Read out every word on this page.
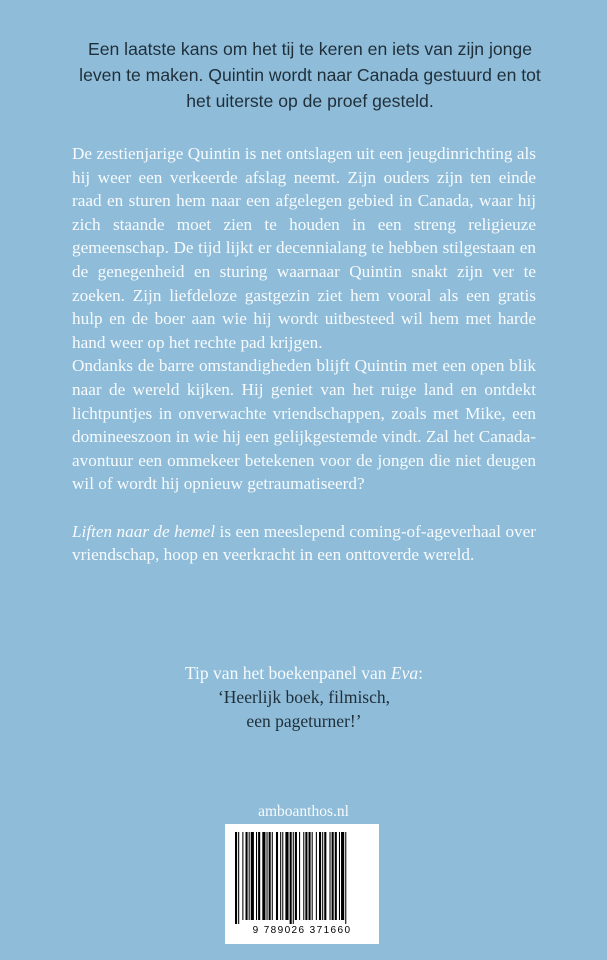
Een laatste kans om het tij te keren en iets van zijn jonge leven te maken. Quintin wordt naar Canada gestuurd en tot het uiterste op de proef gesteld.

De zestienjarige Quintin is net ontslagen uit een jeugdinrichting als hij weer een verkeerde afslag neemt. Zijn ouders zijn ten einde raad en sturen hem naar een afgelegen gebied in Canada, waar hij zich staande moet zien te houden in een streng religieuze gemeenschap. De tijd lijkt er decennialang te hebben stilgestaan en de genegenheid en sturing waarnaar Quintin snakt zijn ver te zoeken. Zijn liefdeloze gastgezin ziet hem vooral als een gratis hulp en de boer aan wie hij wordt uitbesteed wil hem met harde hand weer op het rechte pad krijgen.

Ondanks de barre omstandigheden blijft Quintin met een open blik naar de wereld kijken. Hij geniet van het ruige land en ontdekt lichtpuntjes in onverwachte vriendschappen, zoals met Mike, een domineeszoon in wie hij een gelijkgestemde vindt. Zal het Canada-avontuur een ommekeer betekenen voor de jongen die niet deugen wil of wordt hij opnieuw getraumatiseerd?

Liften naar de hemel is een meeslepend coming-of-ageverhaal over vriendschap, hoop en veerkracht in een onttoverde wereld.

Tip van het boekenpanel van Eva:
‘Heerlijk boek, filmisch,
een pageturner!’
amboanthos.nl
9 789026 371660
